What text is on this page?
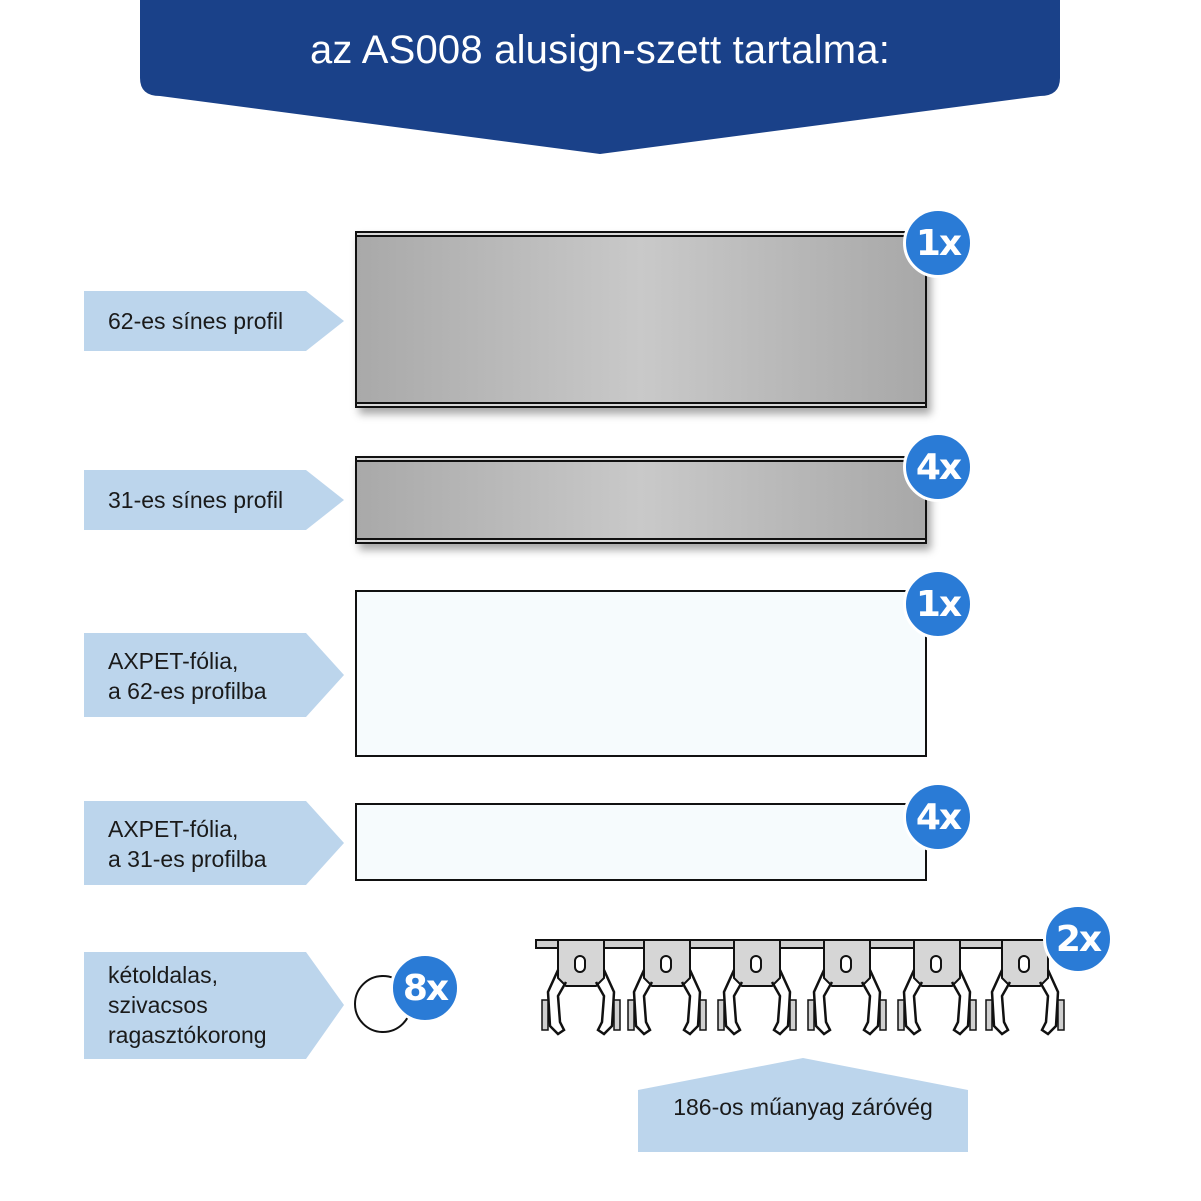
az AS008 alusign-szett tartalma:
62-es sínes profil
1x
31-es sínes profil
4x
AXPET-fólia,
a 62-es profilba
1x
AXPET-fólia,
a 31-es profilba
4x
kétoldalas,
szivacsos
ragasztókorong
8x
2x
186-os műanyag záróvég
